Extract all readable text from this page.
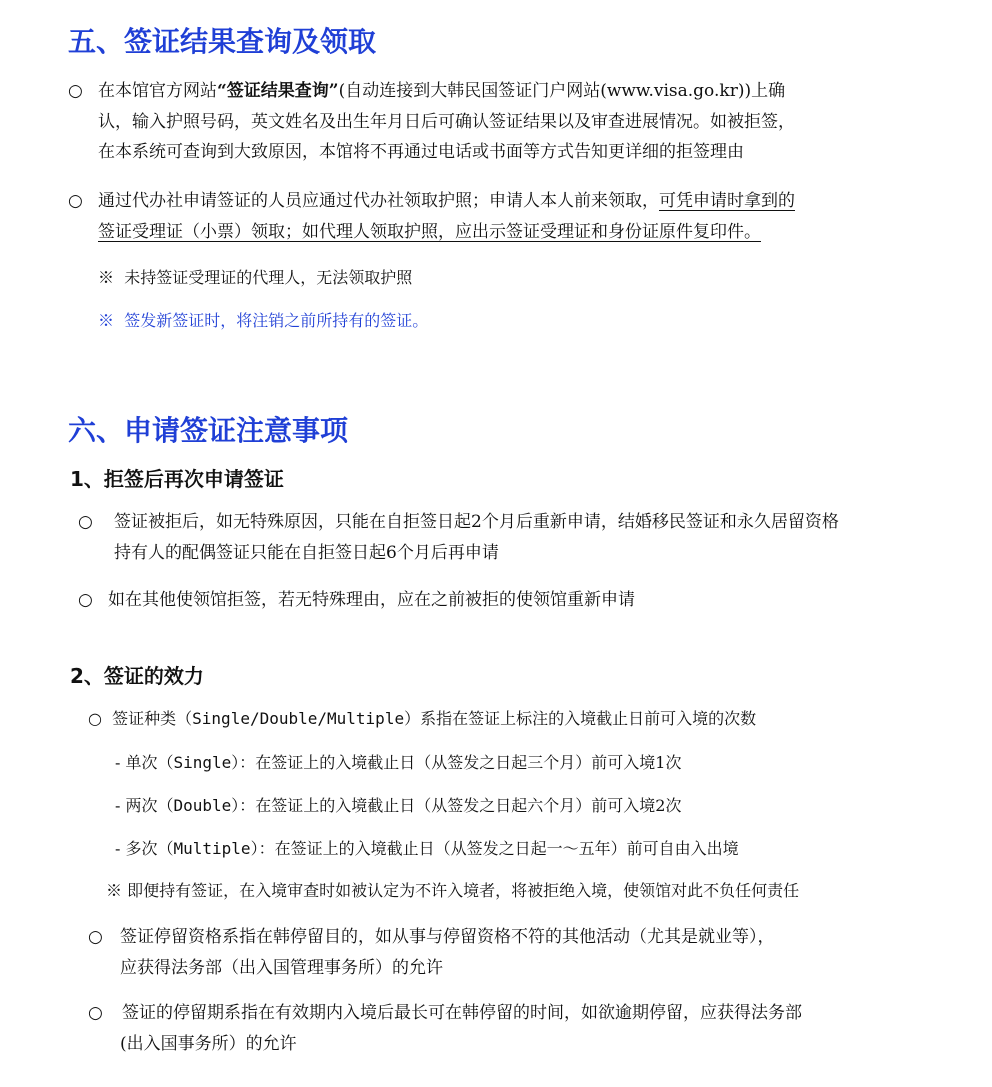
五、签证结果查询及领取
○ 在本馆官方网站“签证结果查询”(自动连接到大韩民国签证门户网站(www.visa.go.kr))上确
认，输入护照号码，英文姓名及出生年月日后可确认签证结果以及审查进展情况。如被拒签，
在本系统可查询到大致原因，本馆将不再通过电话或书面等方式告知更详细的拒签理由
○ 通过代办社申请签证的人员应通过代办社领取护照；申请人本人前来领取，可凭申请时拿到的
签证受理证（小票）领取；如代理人领取护照，应出示签证受理证和身份证原件复印件。
※ 未持签证受理证的代理人，无法领取护照
※ 签发新签证时，将注销之前所持有的签证。
六、申请签证注意事项
1、拒签后再次申请签证
○	签证被拒后，如无特殊原因，只能在自拒签日起2个月后重新申请，结婚移民签证和永久居留资格
持有人的配偶签证只能在自拒签日起6个月后再申请
○ 如在其他使领馆拒签，若无特殊理由，应在之前被拒的使领馆重新申请
2、签证的效力
○ 签证种类（Single/Double/Multiple）系指在签证上标注的入境截止日前可入境的次数
- 单次（Single）：在签证上的入境截止日（从签发之日起三个月）前可入境1次
- 两次（Double）：在签证上的入境截止日（从签发之日起六个月）前可入境2次
- 多次（Multiple）：在签证上的入境截止日（从签发之日起一～五年）前可自由入出境
※ 即便持有签证，在入境审查时如被认定为不许入境者，将被拒绝入境，使领馆对此不负任何责任
○	签证停留资格系指在韩停留目的，如从事与停留资格不符的其他活动（尤其是就业等），
应获得法务部（出入国管理事务所）的允许
○	签证的停留期系指在有效期内入境后最长可在韩停留的时间，如欲逾期停留，应获得法务部
(出入国事务所）的允许
